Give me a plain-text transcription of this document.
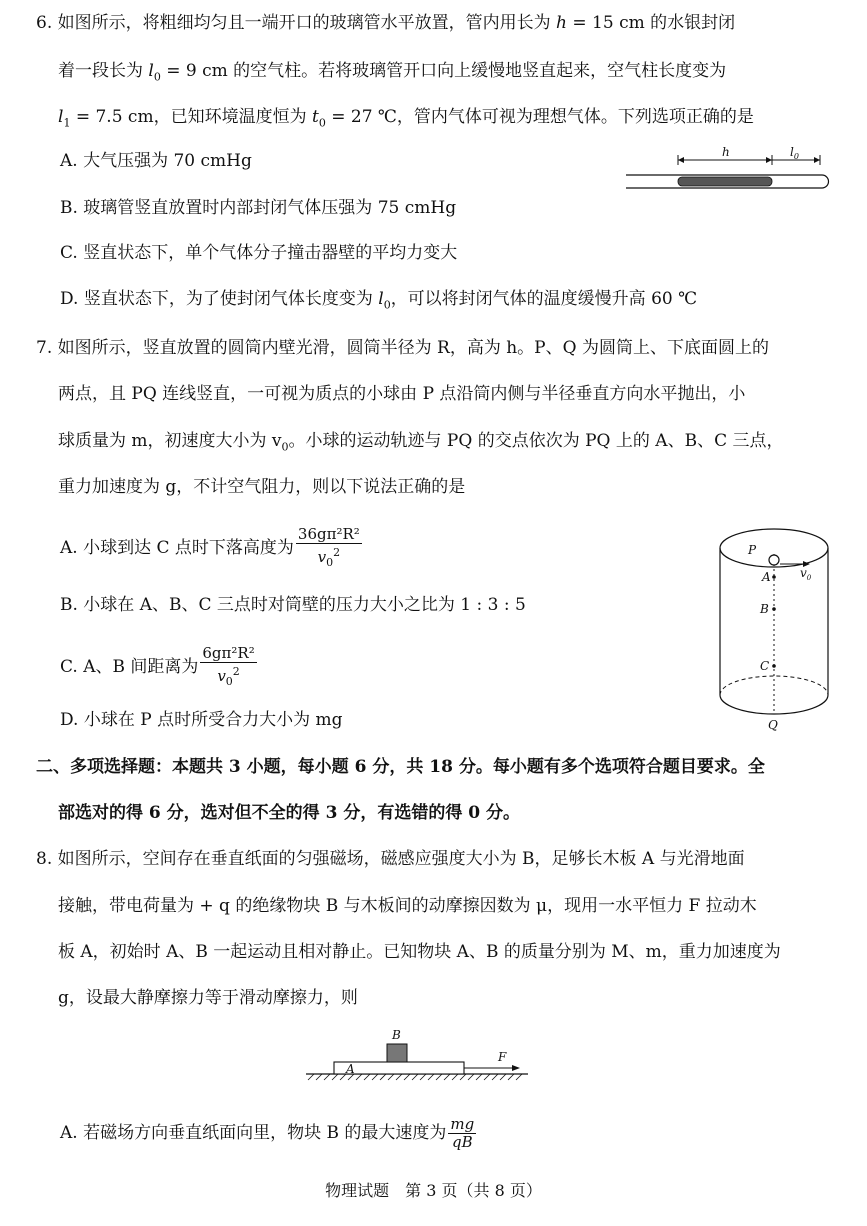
6. 如图所示，将粗细均匀且一端开口的玻璃管水平放置，管内用长为 h = 15 cm 的水银封闭
着一段长为 $l_0 = 9$ cm 的空气柱。若将玻璃管开口向上缓慢地竖直起来，空气柱长度变为
$l_1 = 7.5$ cm，已知环境温度恒为 $t_0 = 27$ ℃，管内气体可视为理想气体。下列选项正确的是
A. 大气压强为 70 cmHg
B. 玻璃管竖直放置时内部封闭气体压强为 75 cmHg
C. 竖直状态下，单个气体分子撞击器壁的平均力变大
D. 竖直状态下，为了使封闭气体长度变为 $l_0$，可以将封闭气体的温度缓慢升高 60 ℃
h	$l_0$
7. 如图所示，竖直放置的圆筒内壁光滑，圆筒半径为 R，高为 h。P、Q 为圆筒上、下底面圆上的
两点，且 PQ 连线竖直，一可视为质点的小球由 P 点沿筒内侧与半径垂直方向水平抛出，小
球质量为 m，初速度大小为 $v_0$。小球的运动轨迹与 PQ 的交点依次为 PQ 上的 A、B、C 三点，
重力加速度为 g，不计空气阻力，则以下说法正确的是
A. 小球到达 C 点时下落高度为 $\frac{\text{36gπ²R²}}{v_0^2}$
B. 小球在 A、B、C 三点时对筒壁的压力大小之比为 1 : 3 : 5
C. A、B 间距离为 $\frac{\text{6gπ²R²}}{v_0^2}$
D. 小球在 P 点时所受合力大小为 mg
P
A
B
C
Q
$v_0$
二、多项选择题：本题共 3 小题，每小题 6 分，共 18 分。每小题有多个选项符合题目要求。全
部选对的得 6 分，选对但不全的得 3 分，有选错的得 0 分。
8. 如图所示，空间存在垂直纸面的匀强磁场，磁感应强度大小为 B，足够长木板 A 与光滑地面
接触，带电荷量为 + q 的绝缘物块 B 与木板间的动摩擦因数为 μ，现用一水平恒力 F 拉动木
板 A，初始时 A、B 一起运动且相对静止。已知物块 A、B 的质量分别为 M、m，重力加速度为
g，设最大静摩擦力等于滑动摩擦力，则
A
B
F
A. 若磁场方向垂直纸面向里，物块 B 的最大速度为 $\frac{mg}{qB}$
物理试题　第 3 页（共 8 页）
